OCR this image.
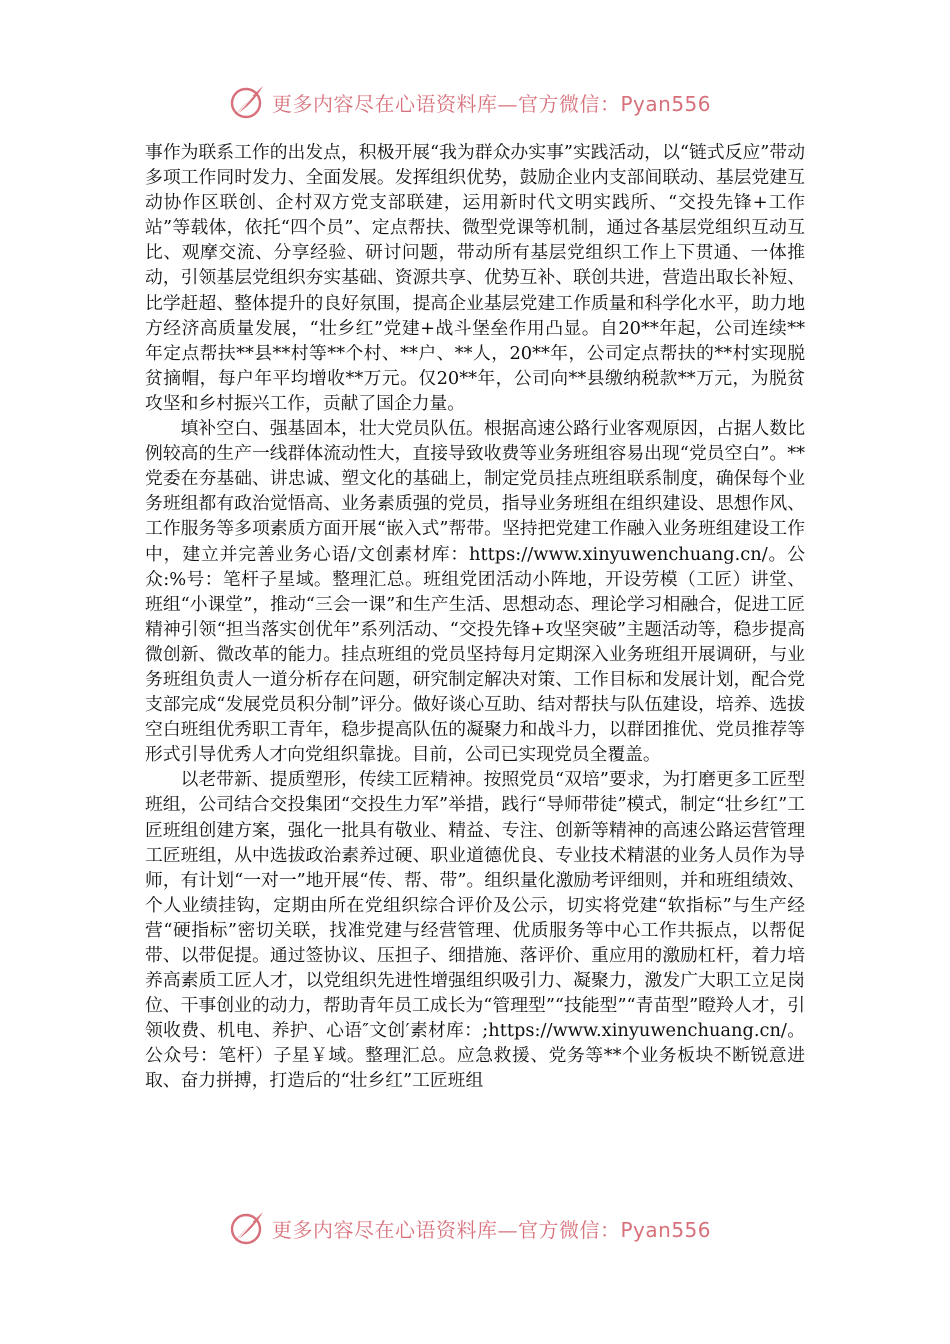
更多内容尽在心语资料库—官方微信：Pyan556

事作为联系工作的出发点，积极开展“我为群众办实事”实践活动，以“链式反应”带动多项工作同时发力、全面发展。发挥组织优势，鼓励企业内支部间联动、基层党建互动协作区联创、企村双方党支部联建，运用新时代文明实践所、“交投先锋+工作站”等载体，依托“四个员”、定点帮扶、微型党课等机制，通过各基层党组织互动互比、观摩交流、分享经验、研讨问题，带动所有基层党组织工作上下贯通、一体推动，引领基层党组织夯实基础、资源共享、优势互补、联创共进，营造出取长补短、比学赶超、整体提升的良好氛围，提高企业基层党建工作质量和科学化水平，助力地方经济高质量发展，“壮乡红”党建+战斗堡垒作用凸显。自20**年起，公司连续**年定点帮扶**县**村等**个村、**户、**人，20**年，公司定点帮扶的**村实现脱贫摘帽，每户年平均增收**万元。仅20**年，公司向**县缴纳税款**万元，为脱贫攻坚和乡村振兴工作，贡献了国企力量。

填补空白、强基固本，壮大党员队伍。根据高速公路行业客观原因，占据人数比例较高的生产一线群体流动性大，直接导致收费等业务班组容易出现“党员空白”。**党委在夯基础、讲忠诚、塑文化的基础上，制定党员挂点班组联系制度，确保每个业务班组都有政治觉悟高、业务素质强的党员，指导业务班组在组织建设、思想作风、工作服务等多项素质方面开展“嵌入式”帮带。坚持把党建工作融入业务班组建设工作中，建立并完善业务心语/文创素材库：https://www.xinyuwenchuang.cn/。公众:%号：笔杆子星域。整理汇总。班组党团活动小阵地，开设劳模（工匠）讲堂、班组“小课堂”，推动“三会一课”和生产生活、思想动态、理论学习相融合，促进工匠精神引领“担当落实创优年”系列活动、“交投先锋+攻坚突破”主题活动等，稳步提高微创新、微改革的能力。挂点班组的党员坚持每月定期深入业务班组开展调研，与业务班组负责人一道分析存在问题，研究制定解决对策、工作目标和发展计划，配合党支部完成“发展党员积分制”评分。做好谈心互助、结对帮扶与队伍建设，培养、选拔空白班组优秀职工青年，稳步提高队伍的凝聚力和战斗力，以群团推优、党员推荐等形式引导优秀人才向党组织靠拢。目前，公司已实现党员全覆盖。

以老带新、提质塑形，传续工匠精神。按照党员“双培”要求，为打磨更多工匠型班组，公司结合交投集团“交投生力军”举措，践行“导师带徒”模式，制定“壮乡红”工匠班组创建方案，强化一批具有敬业、精益、专注、创新等精神的高速公路运营管理工匠班组，从中选拔政治素养过硬、职业道德优良、专业技术精湛的业务人员作为导师，有计划“一对一”地开展“传、帮、带”。组织量化激励考评细则，并和班组绩效、个人业绩挂钩，定期由所在党组织综合评价及公示，切实将党建“软指标”与生产经营“硬指标”密切关联，找准党建与经营管理、优质服务等中心工作共振点，以帮促带、以带促提。通过签协议、压担子、细措施、落评价、重应用的激励杠杆，着力培养高素质工匠人才，以党组织先进性增强组织吸引力、凝聚力，激发广大职工立足岗位、干事创业的动力，帮助青年员工成长为“管理型”“技能型”“青苗型”瞪羚人才，引领收费、机电、养护、心语″文创′素材库：;https://www.xinyuwenchuang.cn/。公众号：笔杆）子星￥域。整理汇总。应急救援、党务等**个业务板块不断锐意进取、奋力拼搏，打造后的“壮乡红”工匠班组

更多内容尽在心语资料库—官方微信：Pyan556
